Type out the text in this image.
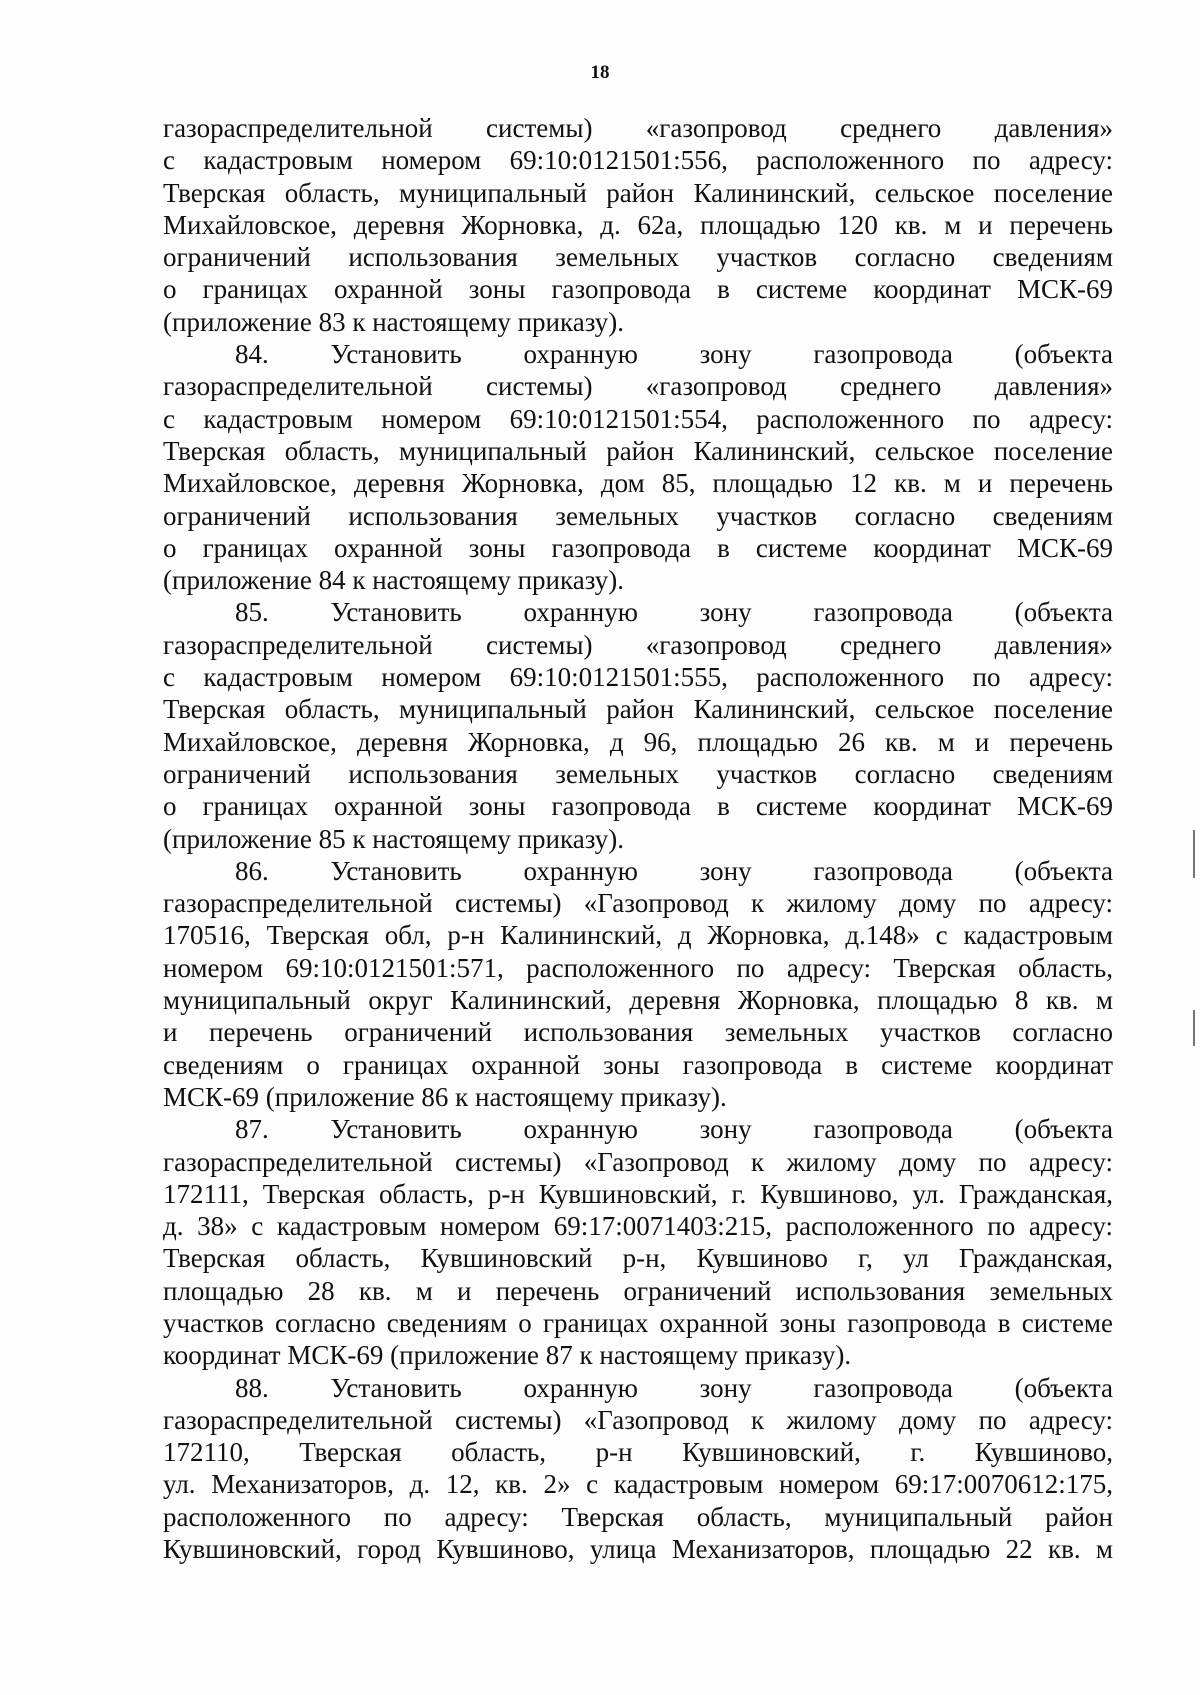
18
газораспределительной системы) «газопровод среднего давления»
с кадастровым номером 69:10:0121501:556, расположенного по адресу:
Тверская область, муниципальный район Калининский, сельское поселение
Михайловское, деревня Жорновка, д. 62а, площадью 120 кв. м и перечень
ограничений использования земельных участков согласно сведениям
о границах охранной зоны газопровода в системе координат МСК-69
(приложение 83 к настоящему приказу).
84. Установить охранную зону газопровода (объекта
газораспределительной системы) «газопровод среднего давления»
с кадастровым номером 69:10:0121501:554, расположенного по адресу:
Тверская область, муниципальный район Калининский, сельское поселение
Михайловское, деревня Жорновка, дом 85, площадью 12 кв. м и перечень
ограничений использования земельных участков согласно сведениям
о границах охранной зоны газопровода в системе координат МСК-69
(приложение 84 к настоящему приказу).
85. Установить охранную зону газопровода (объекта
газораспределительной системы) «газопровод среднего давления»
с кадастровым номером 69:10:0121501:555, расположенного по адресу:
Тверская область, муниципальный район Калининский, сельское поселение
Михайловское, деревня Жорновка, д 96, площадью 26 кв. м и перечень
ограничений использования земельных участков согласно сведениям
о границах охранной зоны газопровода в системе координат МСК-69
(приложение 85 к настоящему приказу).
86. Установить охранную зону газопровода (объекта
газораспределительной системы) «Газопровод к жилому дому по адресу:
170516, Тверская обл, р-н Калининский, д Жорновка, д.148» с кадастровым
номером 69:10:0121501:571, расположенного по адресу: Тверская область,
муниципальный округ Калининский, деревня Жорновка, площадью 8 кв. м
и перечень ограничений использования земельных участков согласно
сведениям о границах охранной зоны газопровода в системе координат
МСК-69 (приложение 86 к настоящему приказу).
87. Установить охранную зону газопровода (объекта
газораспределительной системы) «Газопровод к жилому дому по адресу:
172111, Тверская область, р-н Кувшиновский, г. Кувшиново, ул. Гражданская,
д. 38» с кадастровым номером 69:17:0071403:215, расположенного по адресу:
Тверская область, Кувшиновский р-н, Кувшиново г, ул Гражданская,
площадью 28 кв. м и перечень ограничений использования земельных
участков согласно сведениям о границах охранной зоны газопровода в системе
координат МСК-69 (приложение 87 к настоящему приказу).
88. Установить охранную зону газопровода (объекта
газораспределительной системы) «Газопровод к жилому дому по адресу:
172110, Тверская область, р-н Кувшиновский, г. Кувшиново,
ул. Механизаторов, д. 12, кв. 2» с кадастровым номером 69:17:0070612:175,
расположенного по адресу: Тверская область, муниципальный район
Кувшиновский, город Кувшиново, улица Механизаторов, площадью 22 кв. м
